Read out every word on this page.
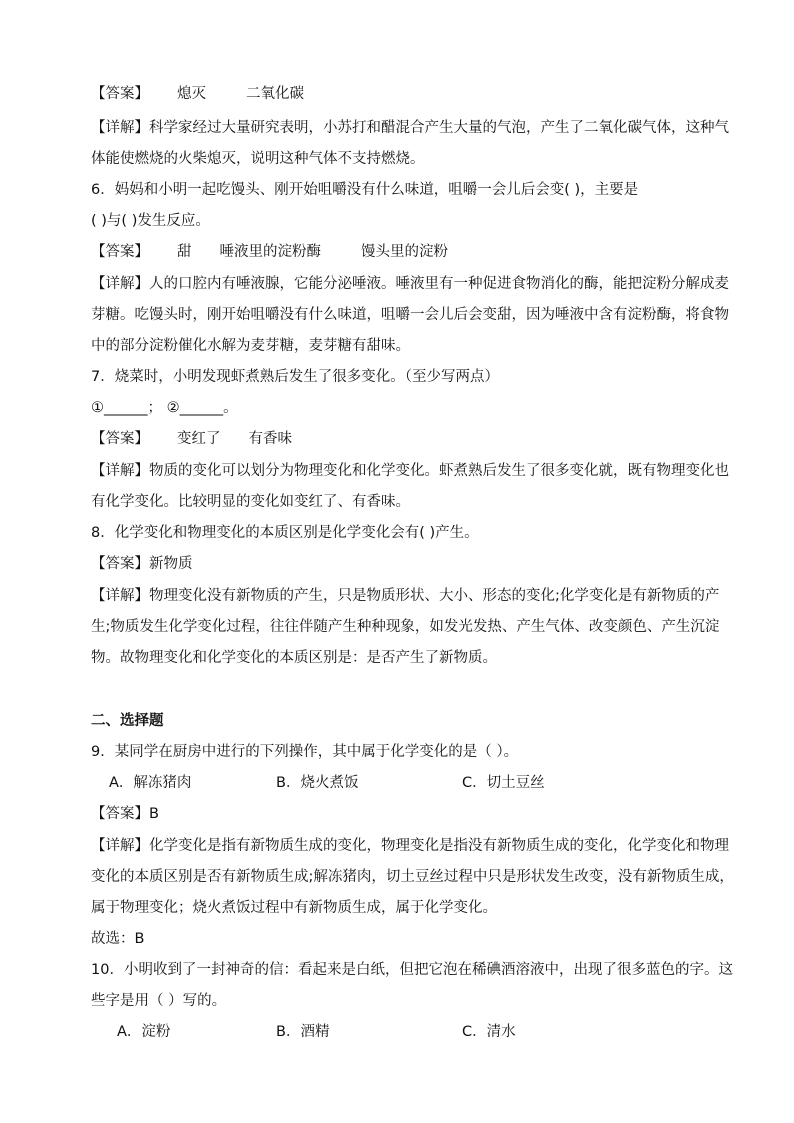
【答案】 熄灭	二氧化碳
【详解】科学家经过大量研究表明，小苏打和醋混合产生大量的气泡，产生了二氧化碳气体，这种气
体能使燃烧的火柴熄灭，说明这种气体不支持燃烧。
6．妈妈和小明一起吃馒头、刚开始咀嚼没有什么味道，咀嚼一会儿后会变( )，主要是
( )与( )发生反应。
【答案】 甜 唾液里的淀粉酶	馒头里的淀粉
【详解】人的口腔内有唾液腺，它能分泌唾液。唾液里有一种促进食物消化的酶，能把淀粉分解成麦
芽糖。吃馒头时，刚开始咀嚼没有什么味道，咀嚼一会儿后会变甜，因为唾液中含有淀粉酶，将食物
中的部分淀粉催化水解为麦芽糖，麦芽糖有甜味。
7．烧菜时，小明发现虾煮熟后发生了很多变化。（至少写两点）
①______； ②______。
【答案】 变红了 有香味
【详解】物质的变化可以划分为物理变化和化学变化。虾煮熟后发生了很多变化就，既有物理变化也
有化学变化。比较明显的变化如变红了、有香味。
8．化学变化和物理变化的本质区别是化学变化会有( )产生。
【答案】新物质
【详解】物理变化没有新物质的产生，只是物质形状、大小、形态的变化;化学变化是有新物质的产
生;物质发生化学变化过程，往往伴随产生种种现象，如发光发热、产生气体、改变颜色、产生沉淀
物。故物理变化和化学变化的本质区别是：是否产生了新物质。
二、选择题
9．某同学在厨房中进行的下列操作，其中属于化学变化的是（ ）。
A．解冻猪肉	B．烧火煮饭	C．切土豆丝
【答案】B
【详解】化学变化是指有新物质生成的变化，物理变化是指没有新物质生成的变化，化学变化和物理
变化的本质区别是否有新物质生成;解冻猪肉，切土豆丝过程中只是形状发生改变，没有新物质生成，
属于物理变化；烧火煮饭过程中有新物质生成，属于化学变化。
故选：B
10．小明收到了一封神奇的信：看起来是白纸，但把它泡在稀碘酒溶液中，出现了很多蓝色的字。这
些字是用（ ）写的。
A．淀粉	B．酒精	C．清水
